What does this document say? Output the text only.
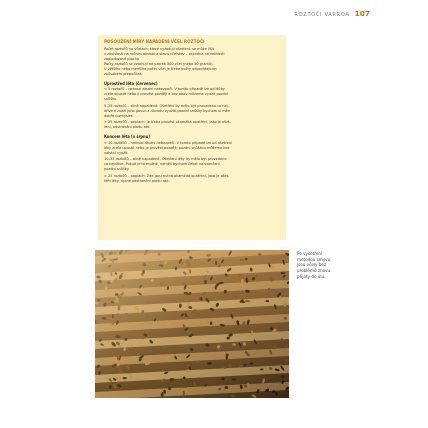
ROZTOČI VARROA 107
POSOUZENÍ MÍRY NAPADENÍ VČEL ROZTOČI

Počet roztočů na včelách, které vyžadují ošetření, se může lišit
v závislosti na ročním období a stavu včelstev – zejména na velikosti
zaplodované plochy.

Počty roztočů se vztahují na vzorek 300 včel (nebo 50 gramů).
U většího nebo menšího počtu včel je třeba počty odpovídajícím
způsobem přepočítat.

Uprostřed léta (červenec)

< 5 roztočů – nehrozí akutní nebezpečí: V tomto případě lze od léčby
zcela upustit nebo ji provést později a bez obav můžeme využít pozdní
snůšku.

5–25 roztočů – silně napadené: Ošetření by mělo být provedeno co nej-
dříve a zváží jeho posun z důvodu využití pozdní snůšky bychom si měli
dobře rozmyslet.

> 25 roztočů – poplach: Je třeba provést okamžitá opatření, jako je ošet-
ření, odstranění plodu atd.

Koncem léta (v srpnu)

< 10 roztočů – nehrozí akutní nebezpečí: V tomto případě lze od ošetření
léky zcela upustit nebo je provést později; pozdní snůškou můžeme bez
váhání využít.

10–25 roztočů – silně napadené: Ošetření léky by mělo být provedeno
co nejdříve. Pokud je to možné, neměli bychom čekat na skončení
pozdní snůšky.

> 25 roztočů – poplach: Zde jsou nutná okamžitá opatření, jako je ošet-
ření léky, úplné odstranění plodu atd.

Po vyšetření
metodou smyvu
jsou včely bez
problémů znovu
přijaty do úlu.
